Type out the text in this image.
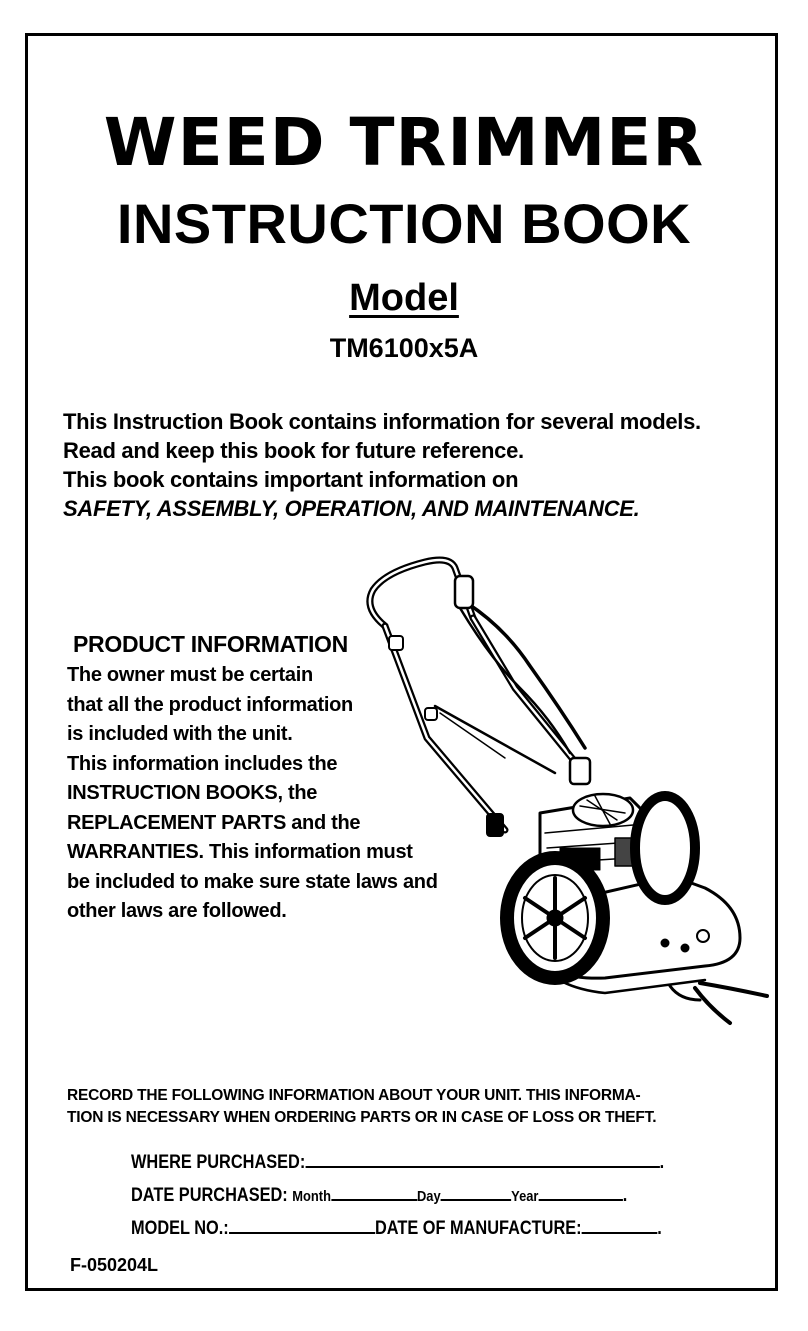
WEED TRIMMER
INSTRUCTION BOOK
Model
TM6100x5A
This Instruction Book contains information for several models.
Read and keep this book for future reference.
This book contains important information on
SAFETY, ASSEMBLY, OPERATION, AND MAINTENANCE.
PRODUCT INFORMATION
The owner must be certain
that all the product information
is included with the unit.
This information includes the
INSTRUCTION BOOKS, the
REPLACEMENT PARTS and the
WARRANTIES. This information must
be included to make sure state laws and
other laws are followed.
RECORD THE FOLLOWING INFORMATION ABOUT YOUR UNIT. THIS INFORMA-
TION IS NECESSARY WHEN ORDERING PARTS OR IN CASE OF LOSS OR THEFT.
WHERE PURCHASED:	.
DATE PURCHASED: Month	Day	Year	.
MODEL NO.:	DATE OF MANUFACTURE:	.
F-050204L
